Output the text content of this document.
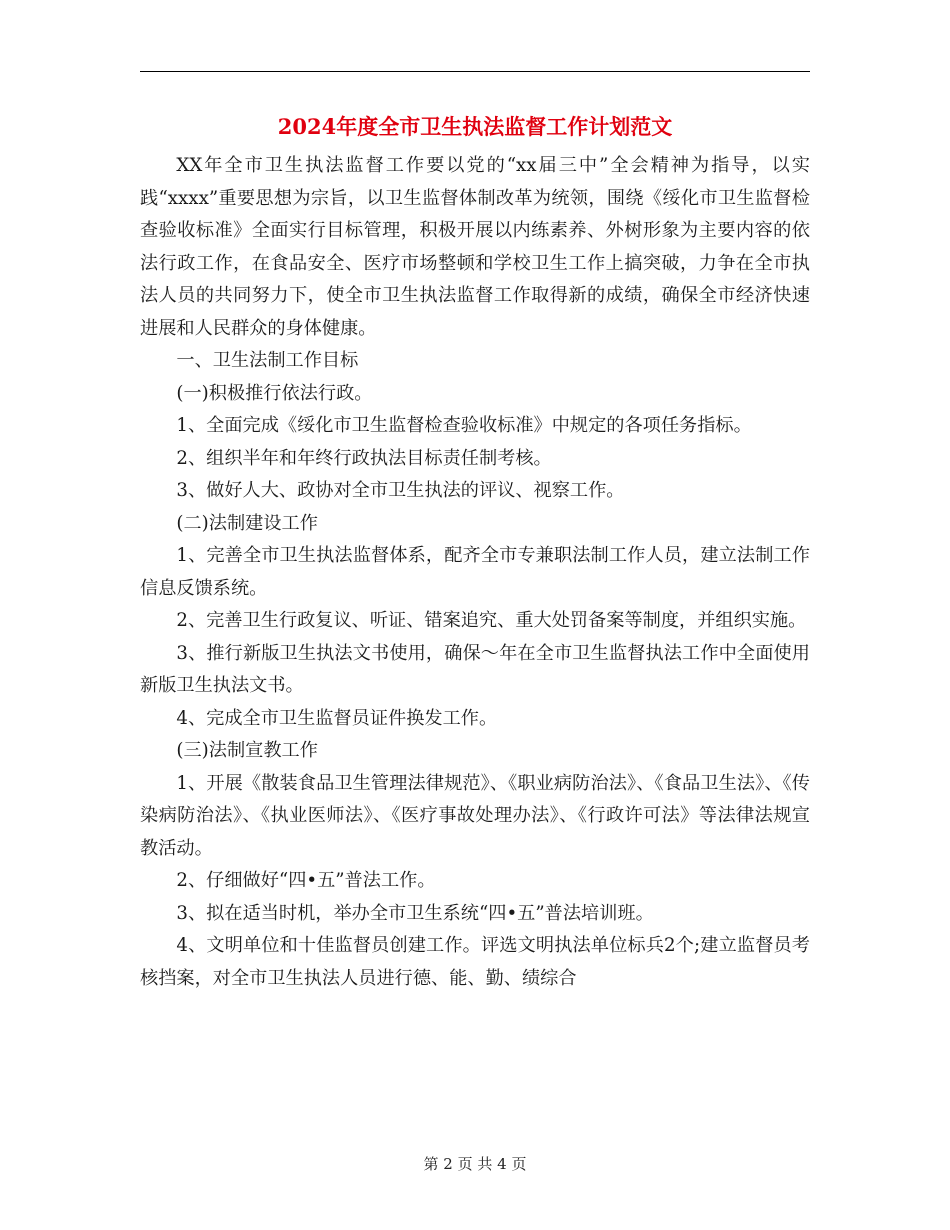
2024年度全市卫生执法监督工作计划范文

XX年全市卫生执法监督工作要以党的“xx届三中”全会精神为指导，以实践“xxxx”重要思想为宗旨，以卫生监督体制改革为统领，围绕《绥化市卫生监督检查验收标准》全面实行目标管理，积极开展以内练素养、外树形象为主要内容的依法行政工作，在食品安全、医疗市场整顿和学校卫生工作上搞突破，力争在全市执法人员的共同努力下，使全市卫生执法监督工作取得新的成绩，确保全市经济快速进展和人民群众的身体健康。

一、卫生法制工作目标

(一)积极推行依法行政。

1、全面完成《绥化市卫生监督检查验收标准》中规定的各项任务指标。

2、组织半年和年终行政执法目标责任制考核。

3、做好人大、政协对全市卫生执法的评议、视察工作。

(二)法制建设工作

1、完善全市卫生执法监督体系，配齐全市专兼职法制工作人员，建立法制工作信息反馈系统。

2、完善卫生行政复议、听证、错案追究、重大处罚备案等制度，并组织实施。

3、推行新版卫生执法文书使用，确保～年在全市卫生监督执法工作中全面使用新版卫生执法文书。

4、完成全市卫生监督员证件换发工作。

(三)法制宣教工作

1、开展《散装食品卫生管理法律规范》、《职业病防治法》、《食品卫生法》、《传染病防治法》、《执业医师法》、《医疗事故处理办法》、《行政许可法》等法律法规宣教活动。

2、仔细做好“四•五”普法工作。

3、拟在适当时机，举办全市卫生系统“四•五”普法培训班。

4、文明单位和十佳监督员创建工作。评选文明执法单位标兵2个;建立监督员考核挡案，对全市卫生执法人员进行德、能、勤、绩综合

第 2 页 共 4 页
